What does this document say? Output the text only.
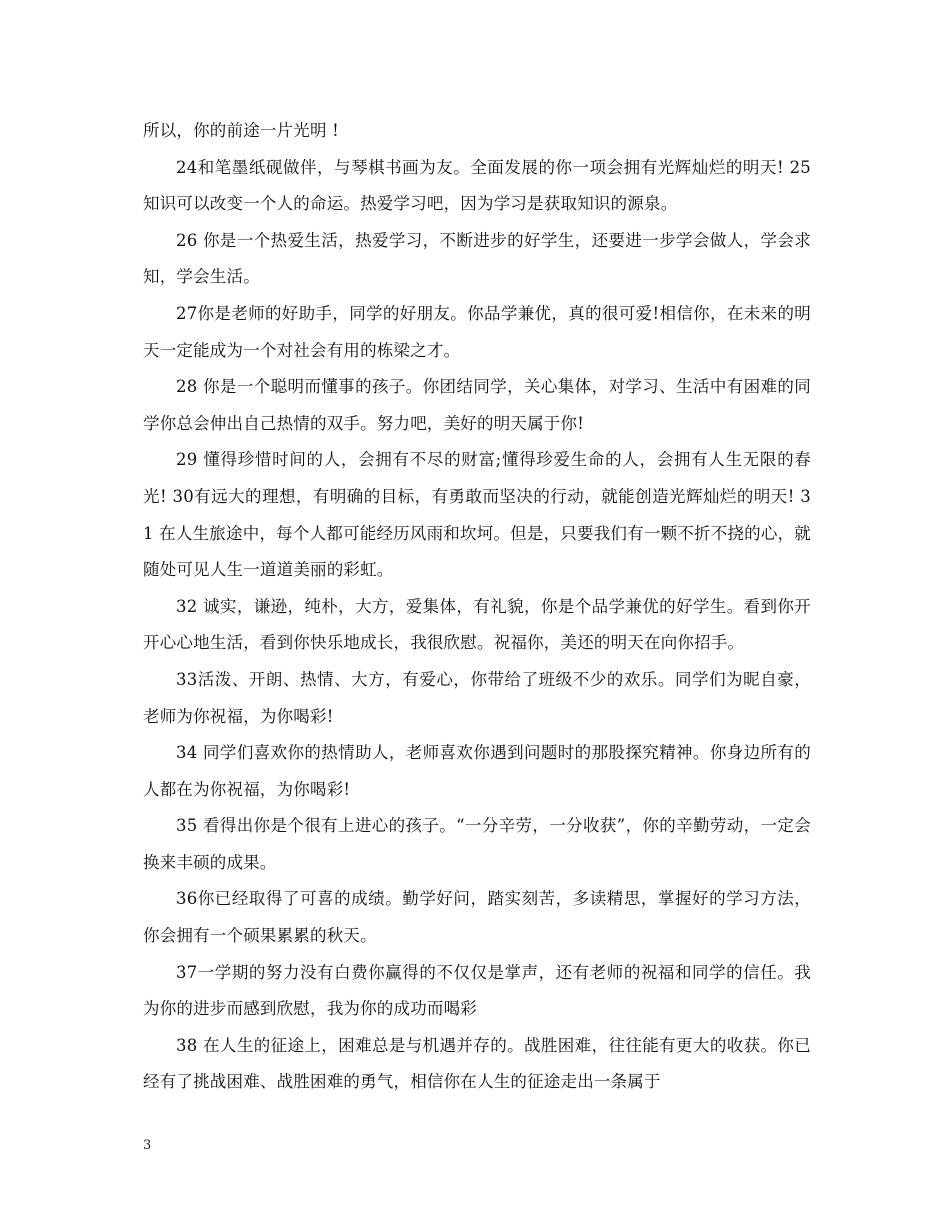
所以，你的前途一片光明 !

24和笔墨纸砚做伴，与琴棋书画为友。全面发展的你一项会拥有光辉灿烂的明天! 25 知识可以改变一个人的命运。热爱学习吧，因为学习是获取知识的源泉。

26 你是一个热爱生活，热爱学习，不断进步的好学生，还要进一步学会做人，学会求知，学会生活。

27你是老师的好助手，同学的好朋友。你品学兼优，真的很可爱!相信你，在未来的明天一定能成为一个对社会有用的栋梁之才。

28 你是一个聪明而懂事的孩子。你团结同学，关心集体，对学习、生活中有困难的同学你总会伸出自己热情的双手。努力吧，美好的明天属于你!

29 懂得珍惜时间的人，会拥有不尽的财富;懂得珍爱生命的人，会拥有人生无限的春光! 30有远大的理想，有明确的目标，有勇敢而坚决的行动，就能创造光辉灿烂的明天! 31 在人生旅途中，每个人都可能经历风雨和坎坷。但是，只要我们有一颗不折不挠的心，就随处可见人生一道道美丽的彩虹。

32 诚实，谦逊，纯朴，大方，爱集体，有礼貌，你是个品学兼优的好学生。看到你开开心心地生活，看到你快乐地成长，我很欣慰。祝福你，美还的明天在向你招手。

33活泼、开朗、热情、大方，有爱心，你带给了班级不少的欢乐。同学们为昵自豪，老师为你祝福，为你喝彩!

34 同学们喜欢你的热情助人，老师喜欢你遇到问题时的那股探究精神。你身边所有的人都在为你祝福，为你喝彩!

35 看得出你是个很有上进心的孩子。“一分辛劳，一分收获”，你的辛勤劳动，一定会换来丰硕的成果。

36你已经取得了可喜的成绩。勤学好问，踏实刻苦，多读精思，掌握好的学习方法，你会拥有一个硕果累累的秋天。

37一学期的努力没有白费你赢得的不仅仅是掌声，还有老师的祝福和同学的信任。我为你的进步而感到欣慰，我为你的成功而喝彩

38 在人生的征途上，困难总是与机遇并存的。战胜困难，往往能有更大的收获。你已经有了挑战困难、战胜困难的勇气，相信你在人生的征途走出一条属于

3
